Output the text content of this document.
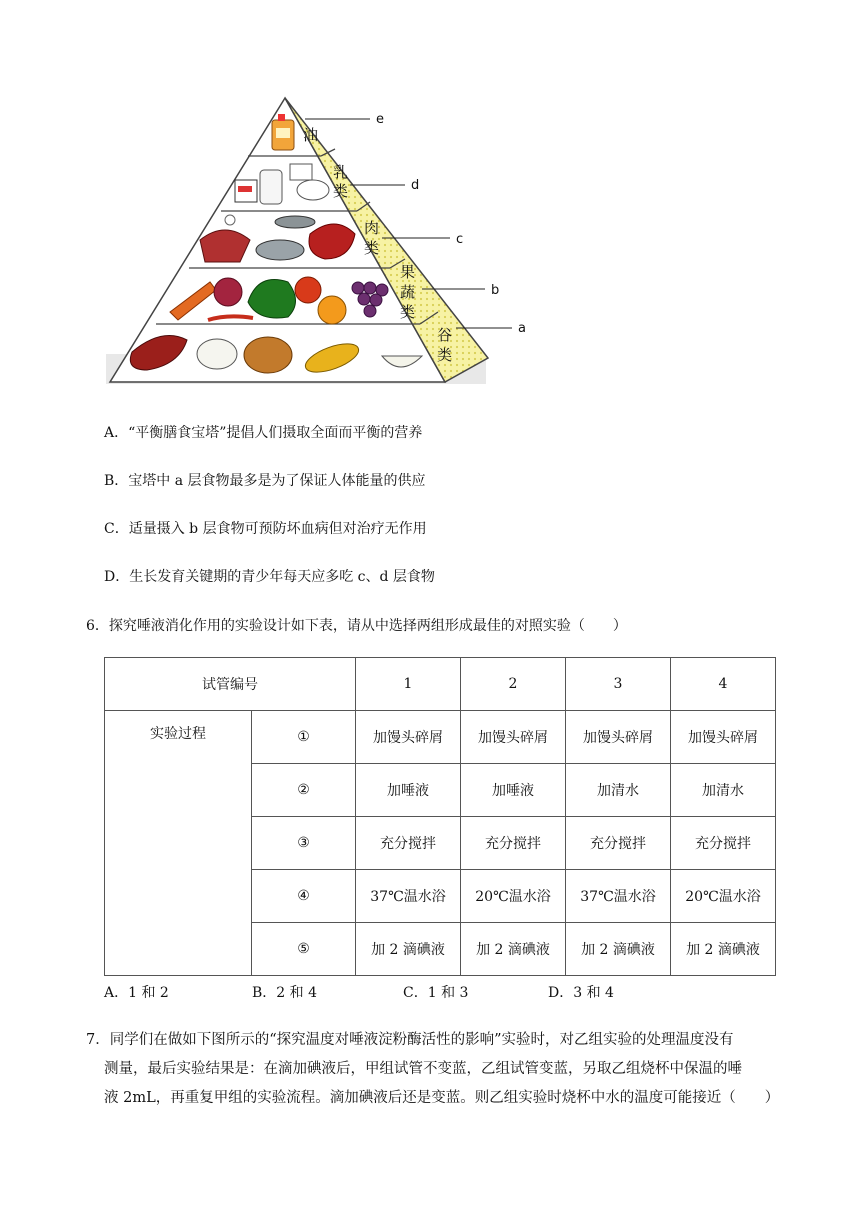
油
乳类
肉类
果蔬类
谷类
e
d
c
b
a
A．“平衡膳食宝塔”提倡人们摄取全面而平衡的营养
B．宝塔中 a 层食物最多是为了保证人体能量的供应
C．适量摄入 b 层食物可预防坏血病但对治疗无作用
D．生长发育关键期的青少年每天应多吃 c、d 层食物
6．探究唾液消化作用的实验设计如下表，请从中选择两组形成最佳的对照实验（　　）
试管编号		1	2	3	4
实验过程	①	加馒头碎屑	加馒头碎屑	加馒头碎屑	加馒头碎屑
	②	加唾液	加唾液	加清水	加清水
	③	充分搅拌	充分搅拌	充分搅拌	充分搅拌
	④	37℃温水浴	20℃温水浴	37℃温水浴	20℃温水浴
	⑤	加 2 滴碘液	加 2 滴碘液	加 2 滴碘液	加 2 滴碘液
A．1 和 2	B．2 和 4	C．1 和 3	D．3 和 4
7．同学们在做如下图所示的“探究温度对唾液淀粉酶活性的影响”实验时，对乙组实验的处理温度没有
测量，最后实验结果是：在滴加碘液后，甲组试管不变蓝，乙组试管变蓝，另取乙组烧杯中保温的唾
液 2mL，再重复甲组的实验流程。滴加碘液后还是变蓝。则乙组实验时烧杯中水的温度可能接近（　　）
